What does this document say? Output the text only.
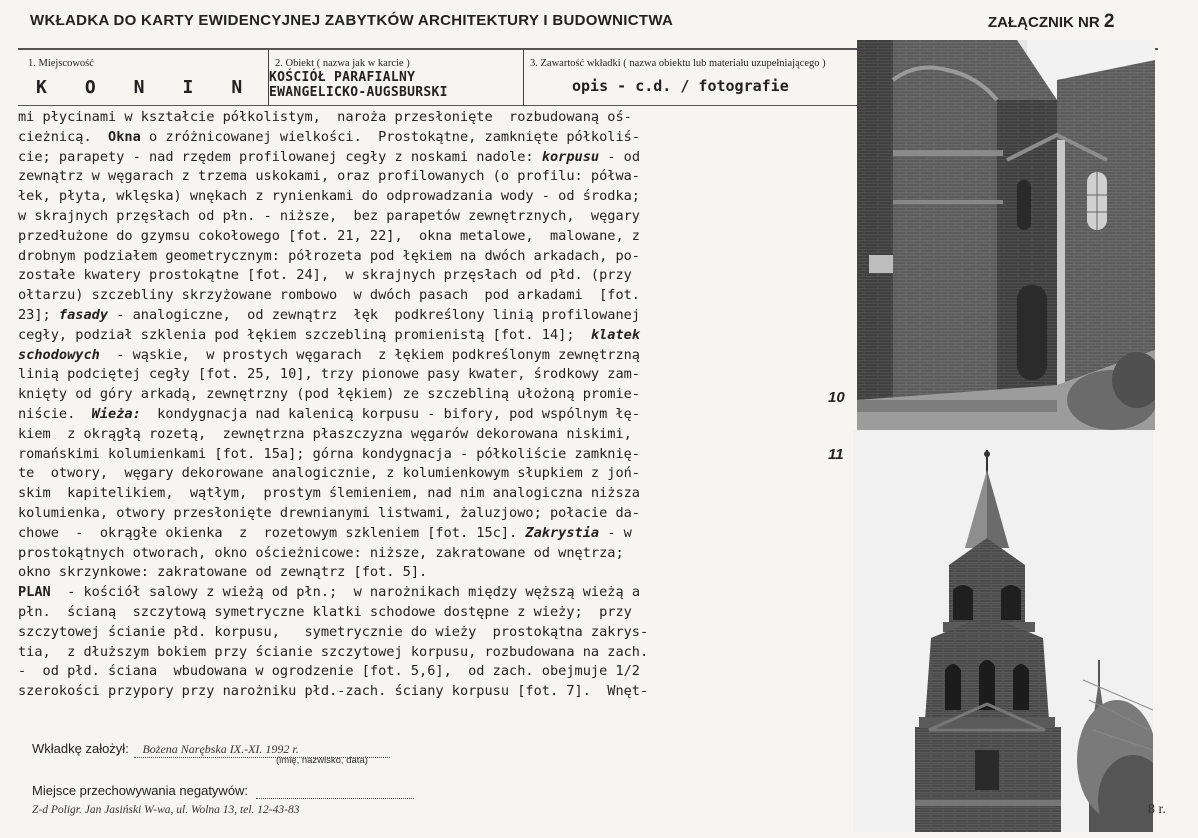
WKŁADKA DO KARTY EWIDENCYJNEJ ZABYTKÓW ARCHITEKTURY I BUDOWNICTWA	ZAŁĄCZNIK NR 2
1. Miejscowość
KONIN
2. Obiekt ( nazwa jak w karcie )
KOŚCIÓŁ PARAFIALNY
EWANGELICKO-AUGSBURSKI
3. Zawartość wkładki ( nazwa obiektu lub materiału uzupełniającego )
opis - c.d. / fotografie
mi płycinami w kształcie półkolistym,  naroża przesłonięte  rozbudowaną oś-
cieżnicą.  Okna o zróżnicowanej wielkości.  Prostokątne, zamknięte półkoliś-
cie; parapety - nad rzędem profilowanej cegły z noskami nadole: korpusu - od
zewnątrz w węgarach z trzema uskokami, oraz profilowanych (o profilu: półwa-
łek, płyta, wklęska) wnękach z rynienkami do odprowadzania wody - od środka;
w skrajnych przęsłach od płn. - niższe,  bez parapetów zewnętrznych,  węgary
przedłużone do gzymsu cokołowego [fot. 21, 22],  okna metalowe,  malowane, z
drobnym podziałem geometrycznym: półrozeta pod łękiem na dwóch arkadach, po-
zostałe kwatery prostokątne [fot. 24],  w skrajnych przęsłach od płd. (przy
ołtarzu) szczebliny skrzyżowane rombowo  w dwóch pasach  pod arkadami  [fot.
23]; fasady - analogiczne,  od zewnątrz  łęk  podkreślony linią profilowanej
cegły, podział szklenia pod łękiem szczebliną promienistą [fot. 14];  klatek
schodowych  - wąskie,  w prostych węgarach  z łękiem podkreślonym zewnętrzną
linią podciętej cegły [fot. 25, 10], trzy pionowe pasy kwater, środkowy zam-
knięty od góry arkadą, zewnętrzny (pod łękiem) ze szczebliną ułożoną promie-
niście.  Wieża:  kondygnacja nad kalenicą korpusu - bifory, pod wspólnym łę-
kiem  z okrągłą rozetą,  zewnętrzna płaszczyzna węgarów dekorowana niskimi,
romańskimi kolumienkami [fot. 15a]; górna kondygnacja - półkoliście zamknię-
te  otwory,  węgary dekorowane analogicznie, z kolumienkowym słupkiem z joń-
skim  kapitelikiem,  wątłym,  prostym ślemieniem, nad nim analogiczna niższa
kolumienka, otwory przesłonięte drewnianymi listwami, żaluzjowo; połacie da-
chowe  -  okrągłe okienka  z  rozetowym szkleniem [fot. 15c]. Zakrystia - w
prostokątnych otworach, okno ościeżnicowe: niższe, zakratowane od wnętrza;
okno skrzynkowe: zakratowane od zewnątrz [fot. 5].
PLAN  - kościół salowy z wieżą od płn.;  w narożnikach między węższą wieżą a
płn.  ścianą  szczytową symetryczne klatki schodowe dostępne z wieży;  przy
szczytowej ścianie płd. korpusu,   symetrycznie do wieży  prostokątna zakrys-
tia,  z dłuższym bokiem przy ścianie szczytowej korpusu, rozbudowana na zach.
-  od płd. ściana  wbudowana w ogrodzenie [fot. 5,6],  od zach. obejmuje 1/2
szerokości przypory przy narożniku płd.-zach. ściany korpusu [fot. 7].  Wnęt-
Wkładkę założył: Bożena Narębska IX.-XI. 1992 r.
(imię, nazwisko, data)
Miejsce przechowywania negatywów:
Z-d Poligr. Jan Jasiński W-wa, ul. Wolna 13, tel. 12-43-83
10
11
8 r.
